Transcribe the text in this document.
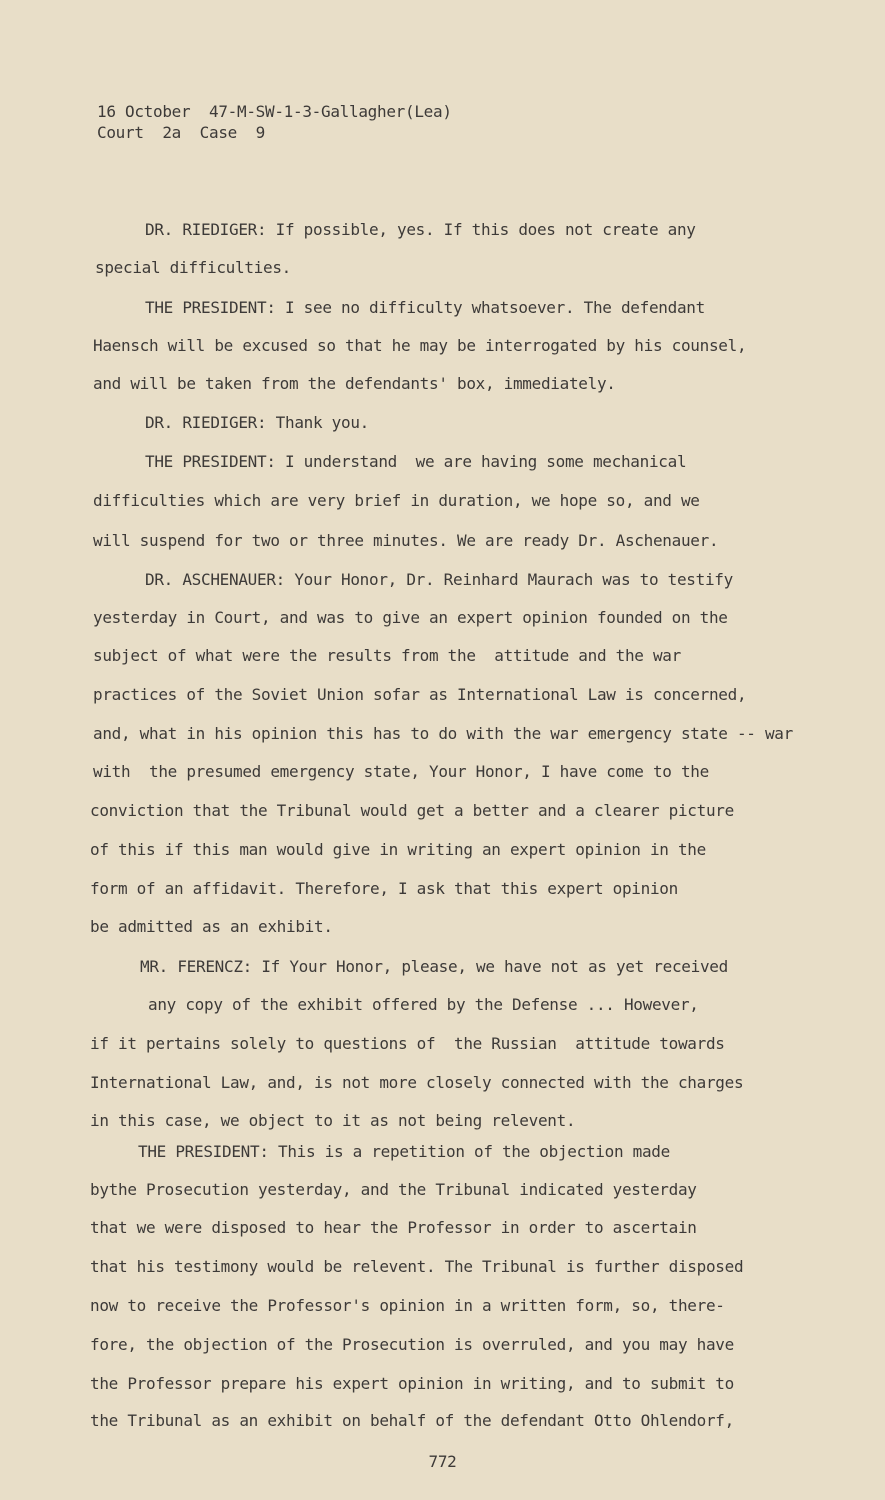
16 October  47-M-SW-1-3-Gallagher(Lea)
Court  2a  Case  9
DR. RIEDIGER: If possible, yes. If this does not create any
special difficulties.
THE PRESIDENT: I see no difficulty whatsoever. The defendant
Haensch will be excused so that he may be interrogated by his counsel,
and will be taken from the defendants' box, immediately.
DR. RIEDIGER: Thank you.
THE PRESIDENT: I understand  we are having some mechanical
difficulties which are very brief in duration, we hope so, and we
will suspend for two or three minutes. We are ready Dr. Aschenauer.
DR. ASCHENAUER: Your Honor, Dr. Reinhard Maurach was to testify
yesterday in Court, and was to give an expert opinion founded on the
subject of what were the results from the  attitude and the war
practices of the Soviet Union sofar as International Law is concerned,
and, what in his opinion this has to do with the war emergency state -- war
with  the presumed emergency state, Your Honor, I have come to the
conviction that the Tribunal would get a better and a clearer picture
of this if this man would give in writing an expert opinion in the
form of an affidavit. Therefore, I ask that this expert opinion
be admitted as an exhibit.
MR. FERENCZ: If Your Honor, please, we have not as yet received
any copy of the exhibit offered by the Defense ... However,
if it pertains solely to questions of  the Russian  attitude towards
International Law, and, is not more closely connected with the charges
in this case, we object to it as not being relevent.
THE PRESIDENT: This is a repetition of the objection made
bythe Prosecution yesterday, and the Tribunal indicated yesterday
that we were disposed to hear the Professor in order to ascertain
that his testimony would be relevent. The Tribunal is further disposed
now to receive the Professor's opinion in a written form, so, there-
fore, the objection of the Prosecution is overruled, and you may have
the Professor prepare his expert opinion in writing, and to submit to
the Tribunal as an exhibit on behalf of the defendant Otto Ohlendorf,
772
